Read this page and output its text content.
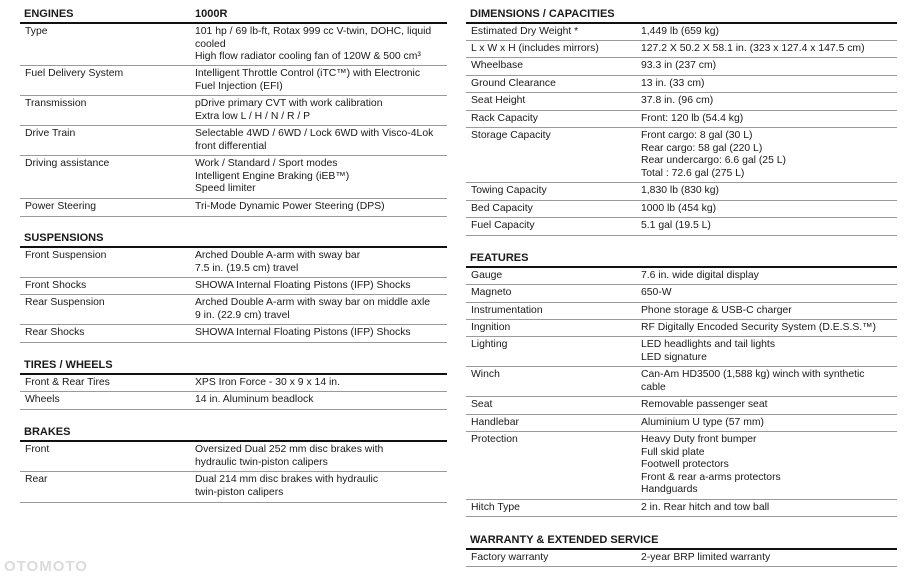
ENGINES	1000R
Type	101 hp / 69 lb-ft, Rotax 999 cc V-twin, DOHC, liquid
cooled
High flow radiator cooling fan of 120W & 500 cm³
Fuel Delivery System	Intelligent Throttle Control (iTC™) with Electronic
Fuel Injection (EFI)
Transmission	pDrive primary CVT with work calibration
Extra low L / H / N / R / P
Drive Train	Selectable 4WD / 6WD / Lock 6WD with Visco-4Lok
front differential
Driving assistance	Work / Standard / Sport modes
Intelligent Engine Braking (iEB™)
Speed limiter
Power Steering	Tri-Mode Dynamic Power Steering (DPS)
SUSPENSIONS
Front Suspension	Arched Double A-arm with sway bar
7.5 in. (19.5 cm) travel
Front Shocks	SHOWA Internal Floating Pistons (IFP) Shocks
Rear Suspension	Arched Double A-arm with sway bar on middle axle
9 in. (22.9 cm) travel
Rear Shocks	SHOWA Internal Floating Pistons (IFP) Shocks
TIRES / WHEELS
Front & Rear Tires	XPS Iron Force - 30 x 9 x 14 in.
Wheels	14 in. Aluminum beadlock
BRAKES
Front	Oversized Dual 252 mm disc brakes with
hydraulic twin-piston calipers
Rear	Dual 214 mm disc brakes with hydraulic
twin-piston calipers
DIMENSIONS / CAPACITIES
Estimated Dry Weight *	1,449 lb (659 kg)
L x W x H (includes mirrors)	127.2 X 50.2 X 58.1 in. (323 x 127.4 x 147.5 cm)
Wheelbase	93.3 in (237 cm)
Ground Clearance	13 in. (33 cm)
Seat Height	37.8 in. (96 cm)
Rack Capacity	Front: 120 lb (54.4 kg)
Storage Capacity	Front cargo: 8 gal (30 L)
Rear cargo: 58 gal (220 L)
Rear undercargo: 6.6 gal (25 L)
Total : 72.6 gal (275 L)
Towing Capacity	1,830 lb (830 kg)
Bed Capacity	1000 lb (454 kg)
Fuel Capacity	5.1 gal (19.5 L)
FEATURES
Gauge	7.6 in. wide digital display
Magneto	650-W
Instrumentation	Phone storage & USB-C charger
Ingnition	RF Digitally Encoded Security System (D.E.S.S.™)
Lighting	LED headlights and tail lights
LED signature
Winch	Can-Am HD3500 (1,588 kg) winch with synthetic
cable
Seat	Removable passenger seat
Handlebar	Aluminium U type (57 mm)
Protection	Heavy Duty front bumper
Full skid plate
Footwell protectors
Front & rear a-arms protectors
Handguards
Hitch Type	2 in. Rear hitch and tow ball
WARRANTY & EXTENDED SERVICE
Factory warranty	2-year BRP limited warranty
OTOMOTO
